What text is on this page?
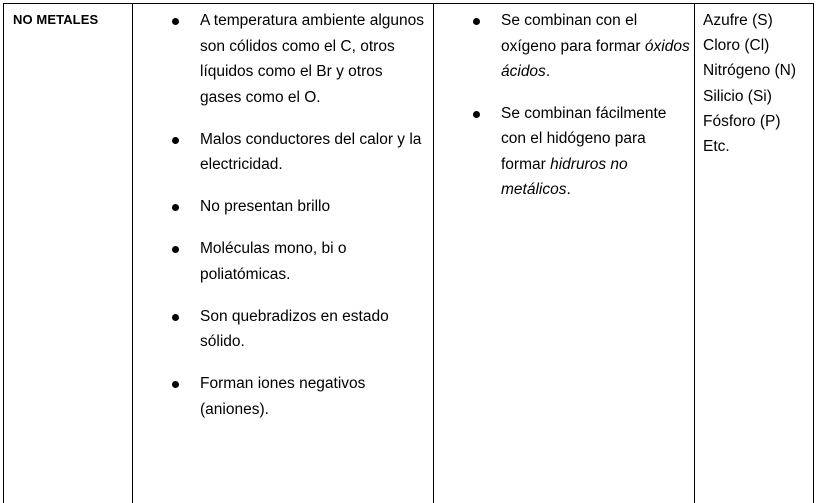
NO METALES	A temperatura ambiente algunos son cólidos como el C, otros líquidos como el Br y otros gases como el O.
Malos conductores del calor y la electricidad.
No presentan brillo
Moléculas mono, bi o poliatómicas.
Son quebradizos en estado sólido.
Forman iones negativos (aniones).
Se combinan con el oxígeno para formar óxidos ácidos.
Se combinan fácilmente con el hidógeno para formar hidruros no metálicos.
Azufre (S)
Cloro (Cl)
Nitrógeno (N)
Silicio (Si)
Fósforo (P)
Etc.
